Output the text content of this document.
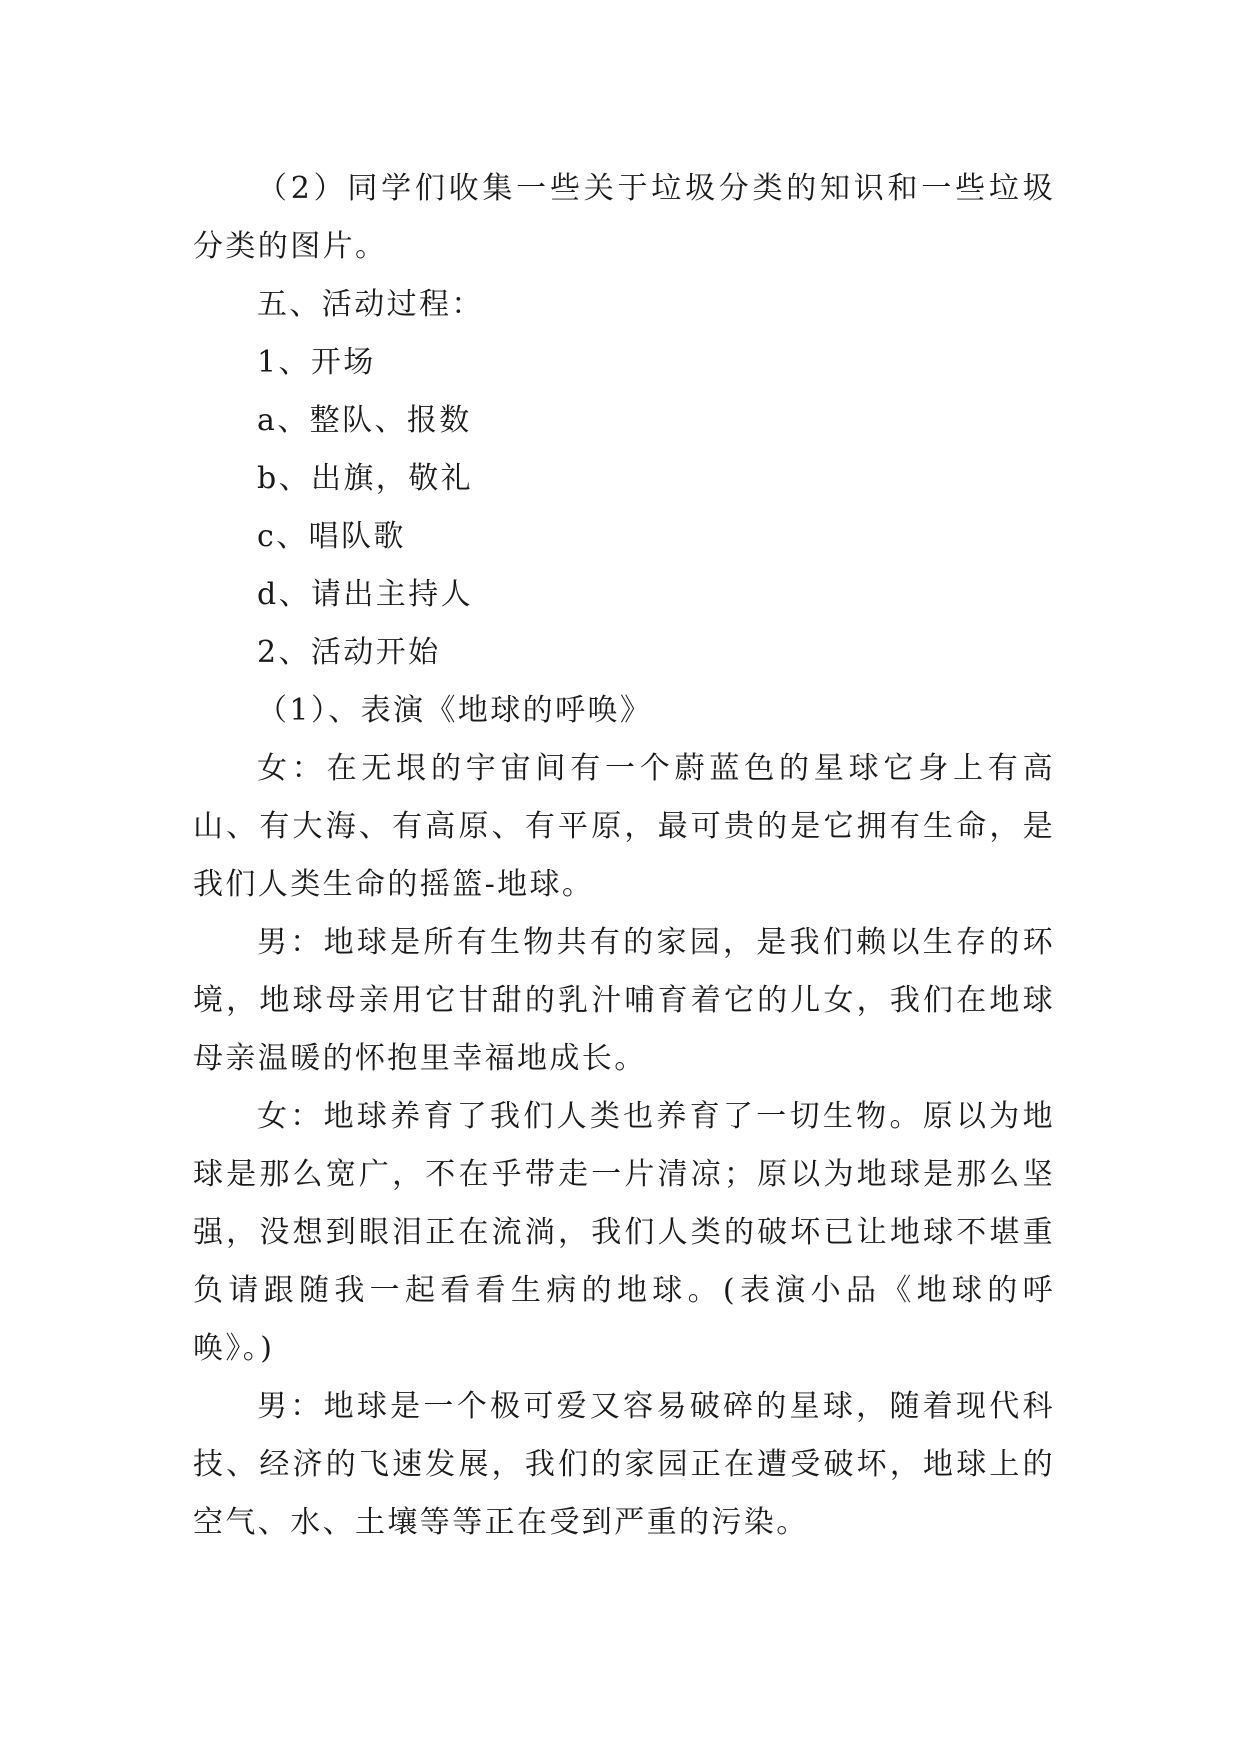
（2）同学们收集一些关于垃圾分类的知识和一些垃圾分类的图片。

五、活动过程：

1、开场

a、整队、报数

b、出旗，敬礼

c、唱队歌

d、请出主持人

2、活动开始

（1）、表演《地球的呼唤》

女：在无垠的宇宙间有一个蔚蓝色的星球它身上有高山、有大海、有高原、有平原，最可贵的是它拥有生命，是我们人类生命的摇篮-地球。

男：地球是所有生物共有的家园，是我们赖以生存的环境，地球母亲用它甘甜的乳汁哺育着它的儿女，我们在地球母亲温暖的怀抱里幸福地成长。

女：地球养育了我们人类也养育了一切生物。原以为地球是那么宽广，不在乎带走一片清凉；原以为地球是那么坚强，没想到眼泪正在流淌，我们人类的破坏已让地球不堪重负请跟随我一起看看生病的地球。(表演小品《地球的呼唤》。)

男：地球是一个极可爱又容易破碎的星球，随着现代科技、经济的飞速发展，我们的家园正在遭受破坏，地球上的空气、水、土壤等等正在受到严重的污染。
